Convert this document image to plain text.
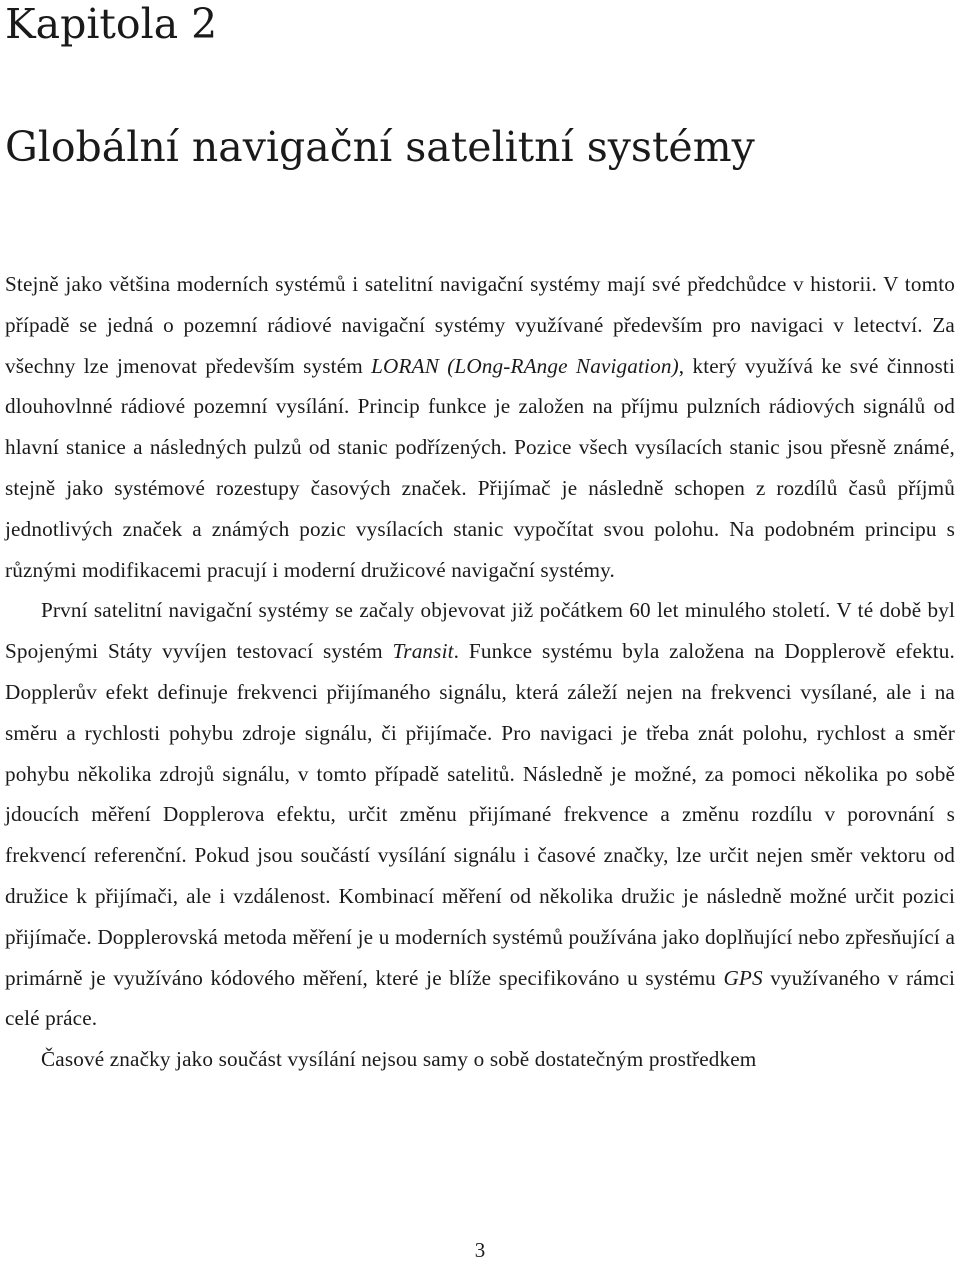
Kapitola 2
Globální navigační satelitní systémy

Stejně jako většina moderních systémů i satelitní navigační systémy mají své předchůdce v historii. V tomto případě se jedná o pozemní rádiové navigační systémy využívané především pro navigaci v letectví. Za všechny lze jmenovat především systém LORAN (LOng-RAnge Navigation), který využívá ke své činnosti dlouhovlnné rádiové pozemní vysílání. Princip funkce je založen na příjmu pulzních rádiových signálů od hlavní stanice a následných pulzů od stanic podřízených. Pozice všech vysílacích stanic jsou přesně známé, stejně jako systémové rozestupy časových značek. Přijímač je následně schopen z rozdílů časů příjmů jednotlivých značek a známých pozic vysílacích stanic vypočítat svou polohu. Na podobném principu s různými modifikacemi pracují i moderní družicové navigační systémy.

První satelitní navigační systémy se začaly objevovat již počátkem 60 let minulého století. V té době byl Spojenými Státy vyvíjen testovací systém Transit. Funkce systému byla založena na Dopplerově efektu. Dopplerův efekt definuje frekvenci přijímaného signálu, která záleží nejen na frekvenci vysílané, ale i na směru a rychlosti pohybu zdroje signálu, či přijímače. Pro navigaci je třeba znát polohu, rychlost a směr pohybu několika zdrojů signálu, v tomto případě satelitů. Následně je možné, za pomoci několika po sobě jdoucích měření Dopplerova efektu, určit změnu přijímané frekvence a změnu rozdílu v porovnání s frekvencí referenční. Pokud jsou součástí vysílání signálu i časové značky, lze určit nejen směr vektoru od družice k přijímači, ale i vzdálenost. Kombinací měření od několika družic je následně možné určit pozici přijímače. Dopplerovská metoda měření je u moderních systémů používána jako doplňující nebo zpřesňující a primárně je využíváno kódového měření, které je blíže specifikováno u systému GPS využívaného v rámci celé práce.

Časové značky jako součást vysílání nejsou samy o sobě dostatečným prostředkem

3
